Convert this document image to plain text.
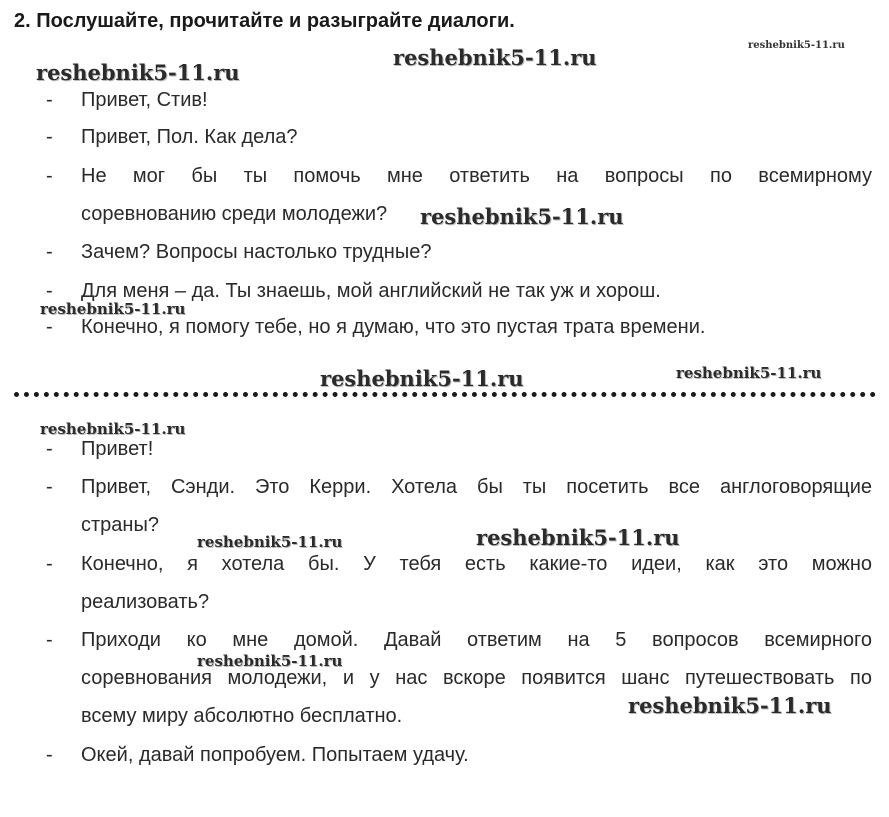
2. Послушайте, прочитайте и разыграйте диалоги.
- Привет, Стив!
- Привет, Пол. Как дела?
- Не мог бы ты помочь мне ответить на вопросы по всемирному
соревнованию среди молодежи?
- Зачем? Вопросы настолько трудные?
- Для меня – да. Ты знаешь, мой английский не так уж и хорош.
- Конечно, я помогу тебе, но я думаю, что это пустая трата времени.
- Привет!
- Привет, Сэнди. Это Керри. Хотела бы ты посетить все англоговорящие
страны?
- Конечно, я хотела бы. У тебя есть какие-то идеи, как это можно
реализовать?
- Приходи ко мне домой. Давай ответим на 5 вопросов всемирного
соревнования молодежи, и у нас вскоре появится шанс путешествовать по
всему миру абсолютно бесплатно.
- Окей, давай попробуем. Попытаем удачу.
reshebnik5-11.ru
reshebnik5-11.ru	reshebnik5-11.ru
reshebnik5-11.ru
reshebnik5-11.ru
reshebnik5-11.ru	reshebnik5-11.ru
reshebnik5-11.ru
reshebnik5-11.ru	reshebnik5-11.ru
reshebnik5-11.ru
reshebnik5-11.ru
